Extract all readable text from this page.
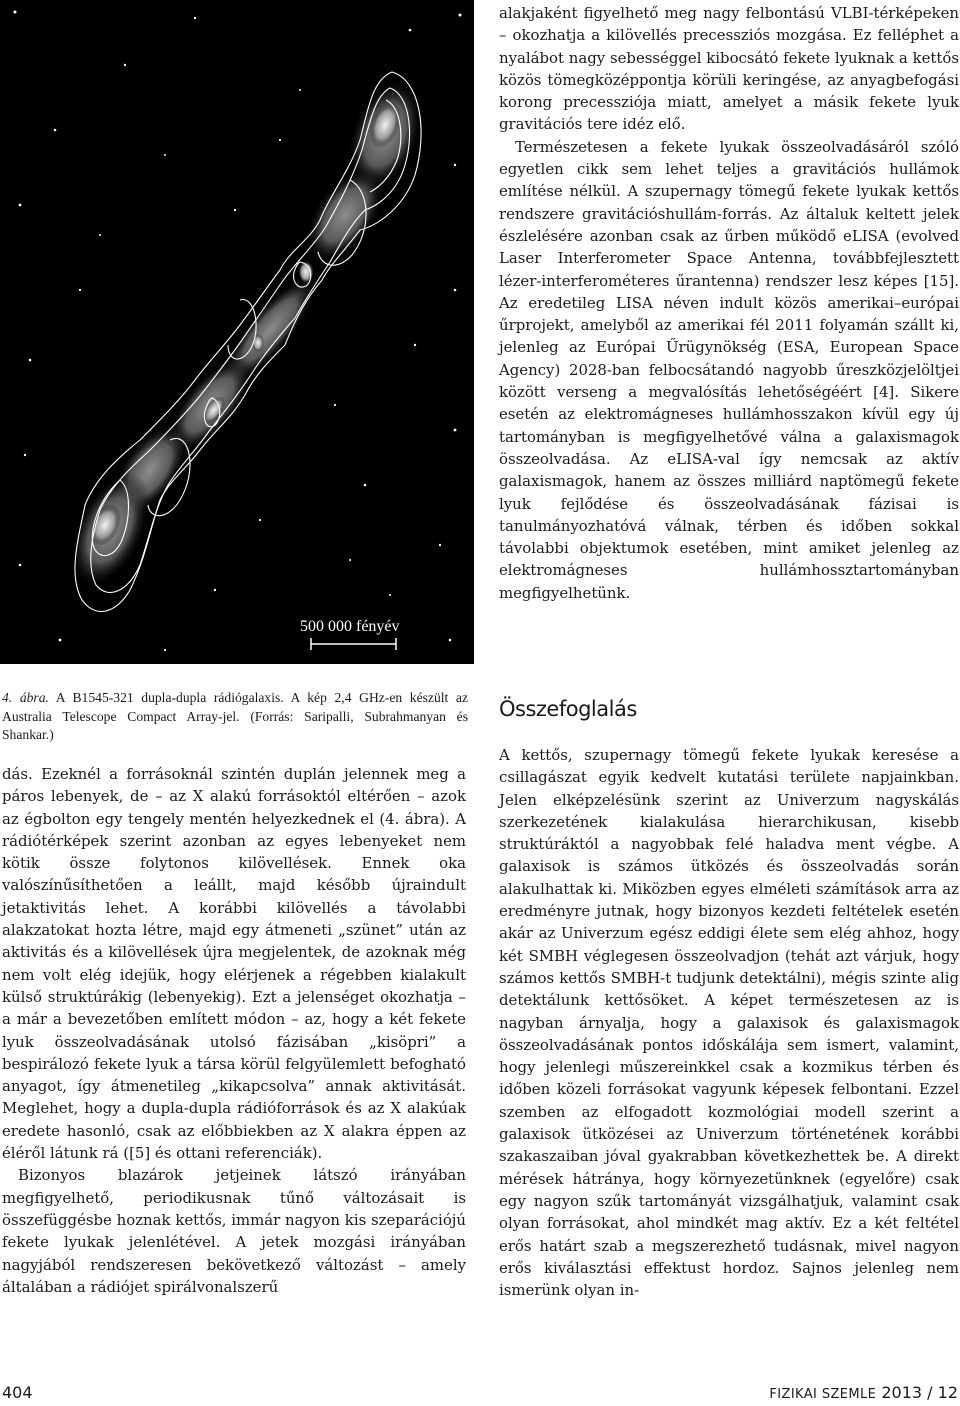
500 000 fényév
4. ábra. A B1545-321 dupla-dupla rádiógalaxis. A kép 2,4 GHz-en készült az Australia Telescope Compact Array-jel. (Forrás: Saripalli, Subrahmanyan és Shankar.)

dás. Ezeknél a forrásoknál szintén duplán jelennek meg a páros lebenyek, de – az X alakú forrásoktól eltérően – azok az égbolton egy tengely mentén helyezkednek el (4. ábra). A rádiótérképek szerint azonban az egyes lebenyeket nem kötik össze folytonos kilövellések. Ennek oka valószínűsíthetően a leállt, majd később újraindult jetaktivitás lehet. A korábbi kilövellés a távolabbi alakzatokat hozta létre, majd egy átmeneti „szünet” után az aktivitás és a kilövellések újra megjelentek, de azoknak még nem volt elég idejük, hogy elérjenek a régebben kialakult külső struktúrákig (lebenyekig). Ezt a jelenséget okozhatja – a már a bevezetőben említett módon – az, hogy a két fekete lyuk összeolvadásának utolsó fázisában „kisöpri” a bespirálozó fekete lyuk a társa körül felgyülemlett befogható anyagot, így átmenetileg „kikapcsolva” annak aktivitását. Meglehet, hogy a dupla-dupla rádióforrások és az X alakúak eredete hasonló, csak az előbbiekben az X alakra éppen az éléről látunk rá ([5] és ottani referenciák).

Bizonyos blazárok jetjeinek látszó irányában megfigyelhető, periodikusnak tűnő változásait is összefüggésbe hoznak kettős, immár nagyon kis szeparációjú fekete lyukak jelenlétével. A jetek mozgási irányában nagyjából rendszeresen bekövetkező változást – amely általában a rádiójet spirálvonalszerű

alakjaként figyelhető meg nagy felbontású VLBI-térképeken – okozhatja a kilövellés precessziós mozgása. Ez felléphet a nyalábot nagy sebességgel kibocsátó fekete lyuknak a kettős közös tömegközéppontja körüli keringése, az anyagbefogási korong precessziója miatt, amelyet a másik fekete lyuk gravitációs tere idéz elő.

Természetesen a fekete lyukak összeolvadásáról szóló egyetlen cikk sem lehet teljes a gravitációs hullámok említése nélkül. A szupernagy tömegű fekete lyukak kettős rendszere gravitációshullám-forrás. Az általuk keltett jelek észlelésére azonban csak az űrben működő eLISA (evolved Laser Interferometer Space Antenna, továbbfejlesztett lézer-interferométeres űrantenna) rendszer lesz képes [15]. Az eredetileg LISA néven indult közös amerikai–európai űrprojekt, amelyből az amerikai fél 2011 folyamán szállt ki, jelenleg az Európai Űrügynökség (ESA, European Space Agency) 2028-ban felbocsátandó nagyobb űreszközjelöltjei között verseng a megvalósítás lehetőségéért [4]. Sikere esetén az elektromágneses hullámhosszakon kívül egy új tartományban is megfigyelhetővé válna a galaxismagok összeolvadása. Az eLISA-val így nemcsak az aktív galaxismagok, hanem az összes milliárd naptömegű fekete lyuk fejlődése és összeolvadásának fázisai is tanulmányozhatóvá válnak, térben és időben sokkal távolabbi objektumok esetében, mint amiket jelenleg az elektromágneses hullámhossztartományban megfigyelhetünk.

Összefoglalás

A kettős, szupernagy tömegű fekete lyukak keresése a csillagászat egyik kedvelt kutatási területe napjainkban. Jelen elképzelésünk szerint az Univerzum nagyskálás szerkezetének kialakulása hierarchikusan, kisebb struktúráktól a nagyobbak felé haladva ment végbe. A galaxisok is számos ütközés és összeolvadás során alakulhattak ki. Miközben egyes elméleti számítások arra az eredményre jutnak, hogy bizonyos kezdeti feltételek esetén akár az Univerzum egész eddigi élete sem elég ahhoz, hogy két SMBH véglegesen összeolvadjon (tehát azt várjuk, hogy számos kettős SMBH-t tudjunk detektálni), mégis szinte alig detektálunk kettősöket. A képet természetesen az is nagyban árnyalja, hogy a galaxisok és galaxismagok összeolvadásának pontos időskálája sem ismert, valamint, hogy jelenlegi műszereinkkel csak a kozmikus térben és időben közeli forrásokat vagyunk képesek felbontani. Ezzel szemben az elfogadott kozmológiai modell szerint a galaxisok ütközései az Univerzum történetének korábbi szakaszaiban jóval gyakrabban következhettek be. A direkt mérések hátránya, hogy környezetünknek (egyelőre) csak egy nagyon szűk tartományát vizsgálhatjuk, valamint csak olyan forrásokat, ahol mindkét mag aktív. Ez a két feltétel erős határt szab a megszerezhető tudásnak, mivel nagyon erős kiválasztási effektust hordoz. Sajnos jelenleg nem ismerünk olyan in-

404	FIZIKAI SZEMLE 2013 / 12
